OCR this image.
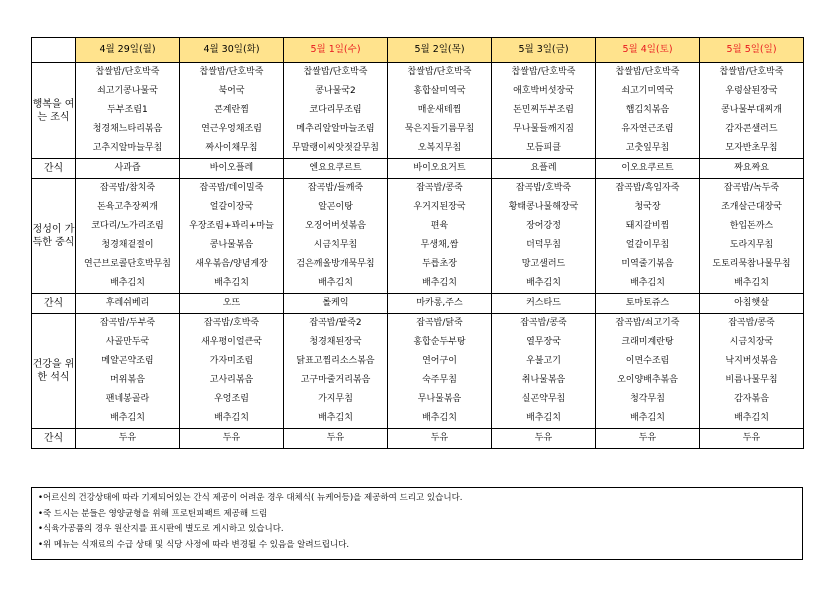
	4월 29일(월)	4월 30일(화)	5월 1일(수)	5월 2일(목)	5월 3일(금)	5월 4일(토)	5월 5일(일)
행복을 여는 조식	찹쌀밥/단호박죽	찹쌀밥/단호박죽	찹쌀밥/단호박죽	찹쌀밥/단호박죽	찹쌀밥/단호박죽	찹쌀밥/단호박죽	찹쌀밥/단호박죽
	쇠고기콩나물국	북어국	콩나물국2	홍합살미역국	애호박버섯장국	쇠고기미역국	우렁살된장국
	두부조림1	콘계란찜	코다리무조림	매운새테찜	돈민찌두부조림	햄김치볶음	콩나물부대찌개
	청경채느타리볶음	연근우엉채조림	메추리알알마늘조림	묵은지들기름무침	무나물들깨지짐	유자연근조림	감자콘샐러드
	고추지알마늘무침	짜사이채무침	무말랭이씨앗젓갈무침	오복지무침	모듬피클	고춧잎무침	모자반초무침
간식	사과즙	바이오플레	엔요요쿠르트	바이오요거트	요플레	이오요쿠르트	짜요짜요
정성이 가득한 중식	잡곡밥/참치죽	잡곡밥/데이밀죽	잡곡밥/들깨죽	잡곡밥/콩죽	잡곡밥/호박죽	잡곡밥/흑임자죽	잡곡밥/녹두죽
	돈육고추장찌개	얼갈이장국	알곤이탕	우거지된장국	황태콩나물해장국	청국장	조개살근대장국
	코다리/노가리조림	우장조림+꽈리+마늘	오징어버섯볶음	편육	장어강정	돼지갈비찜	한입돈까스
	청경채겉절이	콩나물볶음	시금치무침	무생채,쌈	더덕무침	얼갈이무침	도라지무침
	연근브로콜단호박무침	새우볶음/양념게장	검은깨올방개묵무침	두릅초장	망고샐러드	미역줄기볶음	도토리묵참나물무침
	배추김치	배추김치	배추김치	배추김치	배추김치	배추김치	배추김치
간식	후레쉬베리	오뜨	롤케익	마카롱,주스	커스타드	토마토쥬스	아침햇살
건강을 위한 석식	잡곡밥/두부죽	잡곡밥/호박죽	잡곡밥/팥죽2	잡곡밥/닭죽	잡곡밥/콩죽	잡곡밥/쇠고기죽	잡곡밥/콩죽
	사골만두국	새우평이얼큰국	청경채된장국	홍합순두부탕	열무장국	크래미계란탕	시금치장국
	메얄곤약조림	가자미조림	닭표고찜리소스볶음	연어구이	우불고기	이면수조림	낙지버섯볶음
	머위볶음	고사리볶음	고구마줄거리볶음	숙주무침	취나물볶음	오이양배추볶음	비름나물무침
	팬네봉골라	우엉조림	가지무침	무나물볶음	실곤약무침	청각무침	감자볶음
	배추김치	배추김치	배추김치	배추김치	배추김치	배추김치	배추김치
간식	두유	두유	두유	두유	두유	두유	두유
•어르신의 건강상태에 따라 기제되어있는 간식 제공이 어려운 경우 대체식( 뉴케어등)을 제공하여 드리고 있습니다.
•죽 드시는 분들은 영양균형을 위해 프로틴피팩트 제공해 드림
•식육가공품의 경우 원산지를 표시판에 별도로 게시하고 있습니다.
•위 메뉴는 식재료의 수급 상태 및 식당 사정에 따라 변경될 수 있음을 알려드립니다.
